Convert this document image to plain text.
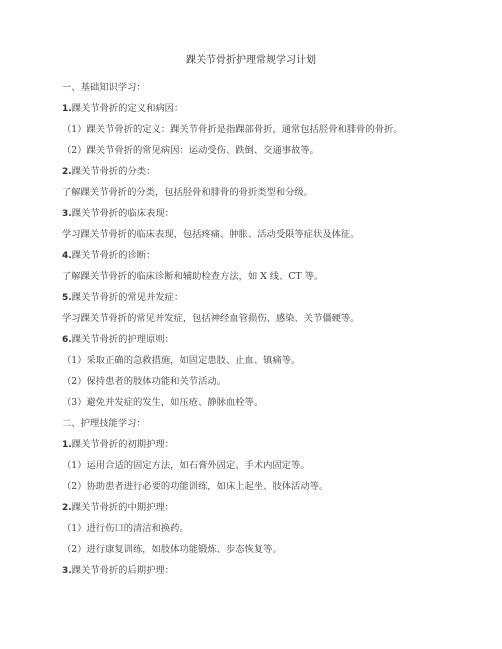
踝关节骨折护理常规学习计划
一、基础知识学习：
1.踝关节骨折的定义和病因：
（1）踝关节骨折的定义：踝关节骨折是指踝部骨折，通常包括胫骨和腓骨的骨折。
（2）踝关节骨折的常见病因：运动受伤、跌倒、交通事故等。
2.踝关节骨折的分类：
了解踝关节骨折的分类，包括胫骨和腓骨的骨折类型和分级。
3.踝关节骨折的临床表现：
学习踝关节骨折的临床表现，包括疼痛、肿胀、活动受限等症状及体征。
4.踝关节骨折的诊断：
了解踝关节骨折的临床诊断和辅助检查方法，如 X 线、CT 等。
5.踝关节骨折的常见并发症：
学习踝关节骨折的常见并发症，包括神经血管损伤、感染、关节僵硬等。
6.踝关节骨折的护理原则：
（1）采取正确的急救措施，如固定患肢、止血、镇痛等。
（2）保持患者的肢体功能和关节活动。
（3）避免并发症的发生，如压疮、静脉血栓等。
二、护理技能学习：
1.踝关节骨折的初期护理：
（1）运用合适的固定方法，如石膏外固定、手术内固定等。
（2）协助患者进行必要的功能训练，如床上起坐、肢体活动等。
2.踝关节骨折的中期护理：
（1）进行伤口的清洁和换药。
（2）进行康复训练，如肢体功能锻炼、步态恢复等。
3.踝关节骨折的后期护理：
